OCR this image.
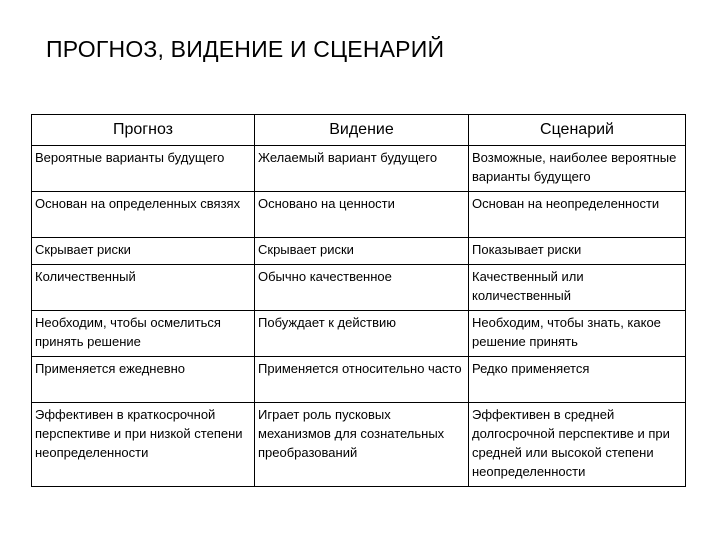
ПРОГНОЗ, ВИДЕНИЕ И СЦЕНАРИЙ
Прогноз	Видение	Сценарий
Вероятные варианты будущего	Желаемый вариант будущего	Возможные, наиболее вероятные варианты будущего
Основан на определенных связях	Основано на ценности	Основан на неопределенности
Скрывает риски	Скрывает риски	Показывает риски
Количественный	Обычно качественное	Качественный или количественный
Необходим, чтобы осмелиться принять решение	Побуждает к действию	Необходим, чтобы знать, какое решение принять
Применяется ежедневно	Применяется относительно часто	Редко применяется
Эффективен в краткосрочной перспективе и при низкой степени неопределенности	Играет роль пусковых механизмов для сознательных преобразований	Эффективен в средней долгосрочной перспективе и при средней или высокой степени неопределенности
